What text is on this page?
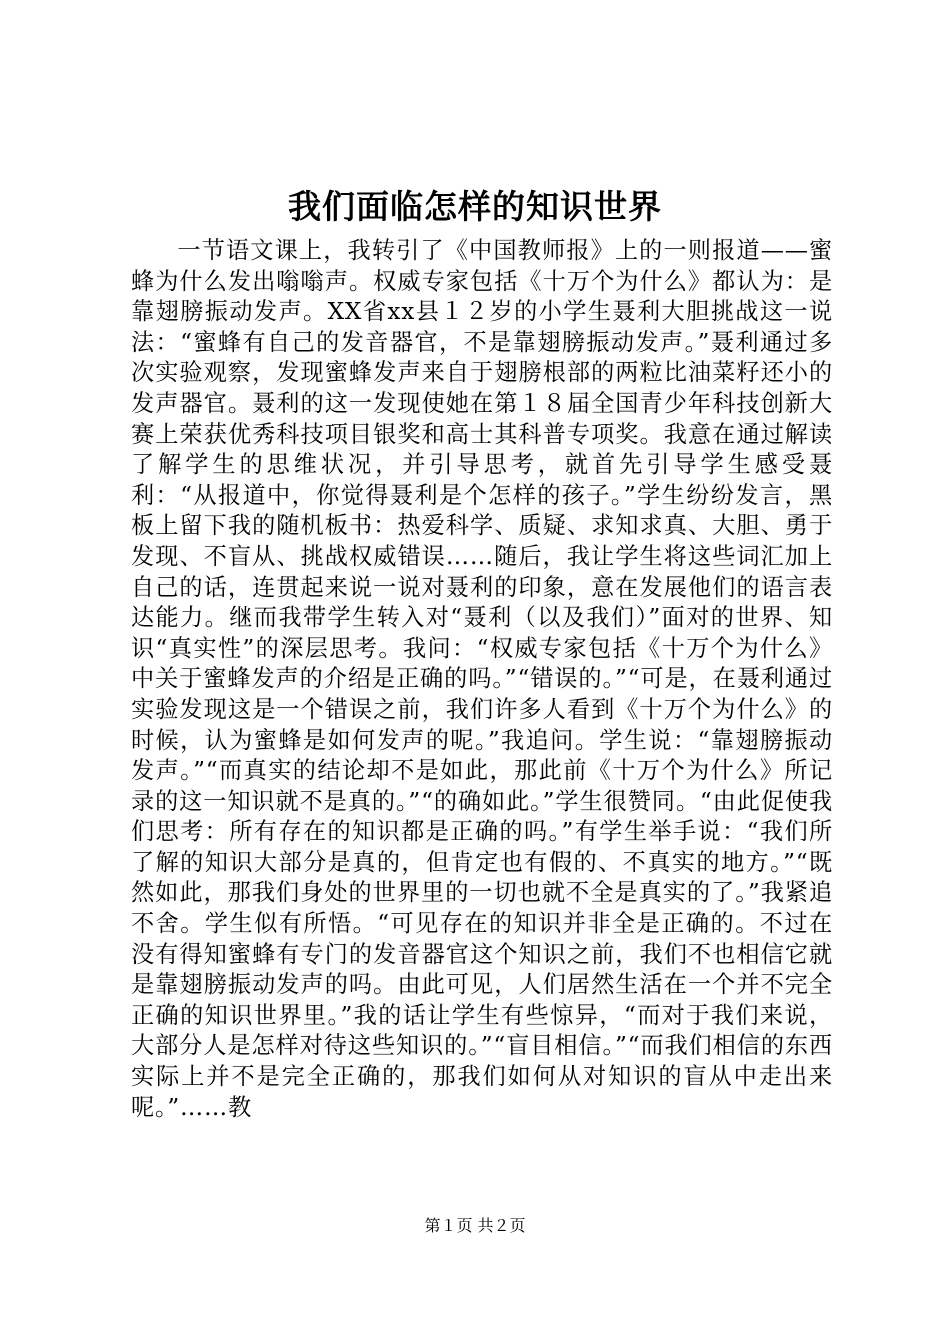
我们面临怎样的知识世界

一节语文课上，我转引了《中国教师报》上的一则报道——蜜蜂为什么发出嗡嗡声。权威专家包括《十万个为什么》都认为：是靠翅膀振动发声。XX省xx县１２岁的小学生聂利大胆挑战这一说法：“蜜蜂有自己的发音器官，不是靠翅膀振动发声。”聂利通过多次实验观察，发现蜜蜂发声来自于翅膀根部的两粒比油菜籽还小的发声器官。聂利的这一发现使她在第１８届全国青少年科技创新大赛上荣获优秀科技项目银奖和高士其科普专项奖。我意在通过解读了解学生的思维状况，并引导思考，就首先引导学生感受聂利：“从报道中，你觉得聂利是个怎样的孩子。”学生纷纷发言，黑板上留下我的随机板书：热爱科学、质疑、求知求真、大胆、勇于发现、不盲从、挑战权威错误……随后，我让学生将这些词汇加上自己的话，连贯起来说一说对聂利的印象，意在发展他们的语言表达能力。继而我带学生转入对“聂利（以及我们）”面对的世界、知识“真实性”的深层思考。我问：“权威专家包括《十万个为什么》中关于蜜蜂发声的介绍是正确的吗。”“错误的。”“可是，在聂利通过实验发现这是一个错误之前，我们许多人看到《十万个为什么》的时候，认为蜜蜂是如何发声的呢。”我追问。学生说：“靠翅膀振动发声。”“而真实的结论却不是如此，那此前《十万个为什么》所记录的这一知识就不是真的。”“的确如此。”学生很赞同。“由此促使我们思考：所有存在的知识都是正确的吗。”有学生举手说：“我们所了解的知识大部分是真的，但肯定也有假的、不真实的地方。”“既然如此，那我们身处的世界里的一切也就不全是真实的了。”我紧追不舍。学生似有所悟。“可见存在的知识并非全是正确的。不过在没有得知蜜蜂有专门的发音器官这个知识之前，我们不也相信它就是靠翅膀振动发声的吗。由此可见，人们居然生活在一个并不完全正确的知识世界里。”我的话让学生有些惊异，“而对于我们来说，大部分人是怎样对待这些知识的。”“盲目相信。”“而我们相信的东西实际上并不是完全正确的，那我们如何从对知识的盲从中走出来呢。”……教

第１页 共２页
